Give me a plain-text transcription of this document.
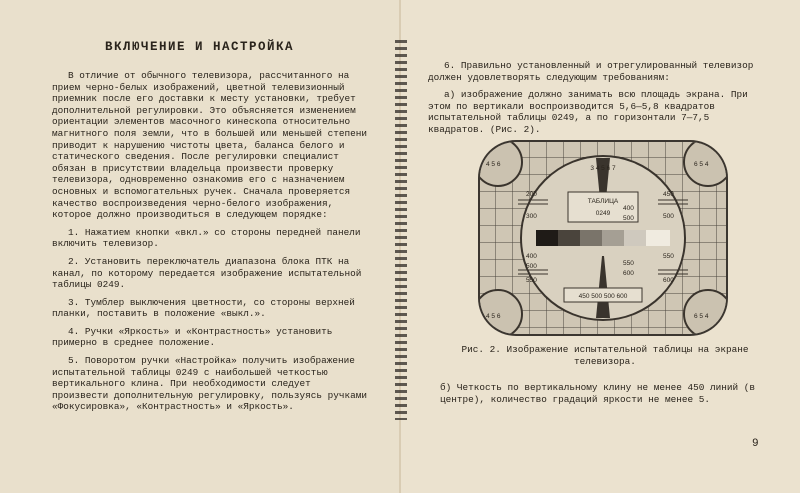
ВКЛЮЧЕНИЕ И НАСТРОЙКА

В отличие от обычного телевизора, рассчитанного на прием черно-белых изображений, цветной телевизионный приемник после его доставки к месту установки, требует дополнительной регулировки. Это объясняется изменением ориентации элементов масочного кинескопа относительно магнитного поля земли, что в большей или меньшей степени приводит к нарушению чистоты цвета, баланса белого и статического сведения. После регулировки специалист обязан в присутствии владельца произвести проверку телевизора, одновременно ознакомив его с назначением основных и вспомогательных ручек. Сначала проверяется качество воспроизведения черно-белого изображения, которое должно производиться в следующем порядке:

1. Нажатием кнопки «вкл.» со стороны передней панели включить телевизор.

2. Установить переключатель диапазона блока ПТК на канал, по которому передается изображение испытательной таблицы 0249.

3. Тумблер выключения цветности, со стороны верхней планки, поставить в положение «выкл.».

4. Ручки «Яркость» и «Контрастность» установить примерно в среднее положение.

5. Поворотом ручки «Настройка» получить изображение испытательной таблицы 0249 с наибольшей четкостью вертикального клина. При необходимости следует произвести дополнительную регулировку, пользуясь ручками «Фокусировка», «Контрастность» и «Яркость».

6. Правильно установленный и отрегулированный телевизор должен удовлетворять следующим требованиям:

а) изображение должно занимать всю площадь экрана. При этом по вертикали воспроизводится 5,6—5,8 квадратов испытательной таблицы 0249, а по горизонтали 7—7,5 квадратов. (Рис. 2).

ТАБЛИЦА
0249
3 4 5 6 7
450 500 500 600
200
300
400
500
550
450
500
550
600
400
500
550
600
4 5 6	6 5 4
4 5 6	6 5 4
Рис. 2. Изображение испытательной таблицы на экране телевизора.
б) Четкость по вертикальному клину не менее 450 линий (в центре), количество градаций яркости не менее 5.
9
